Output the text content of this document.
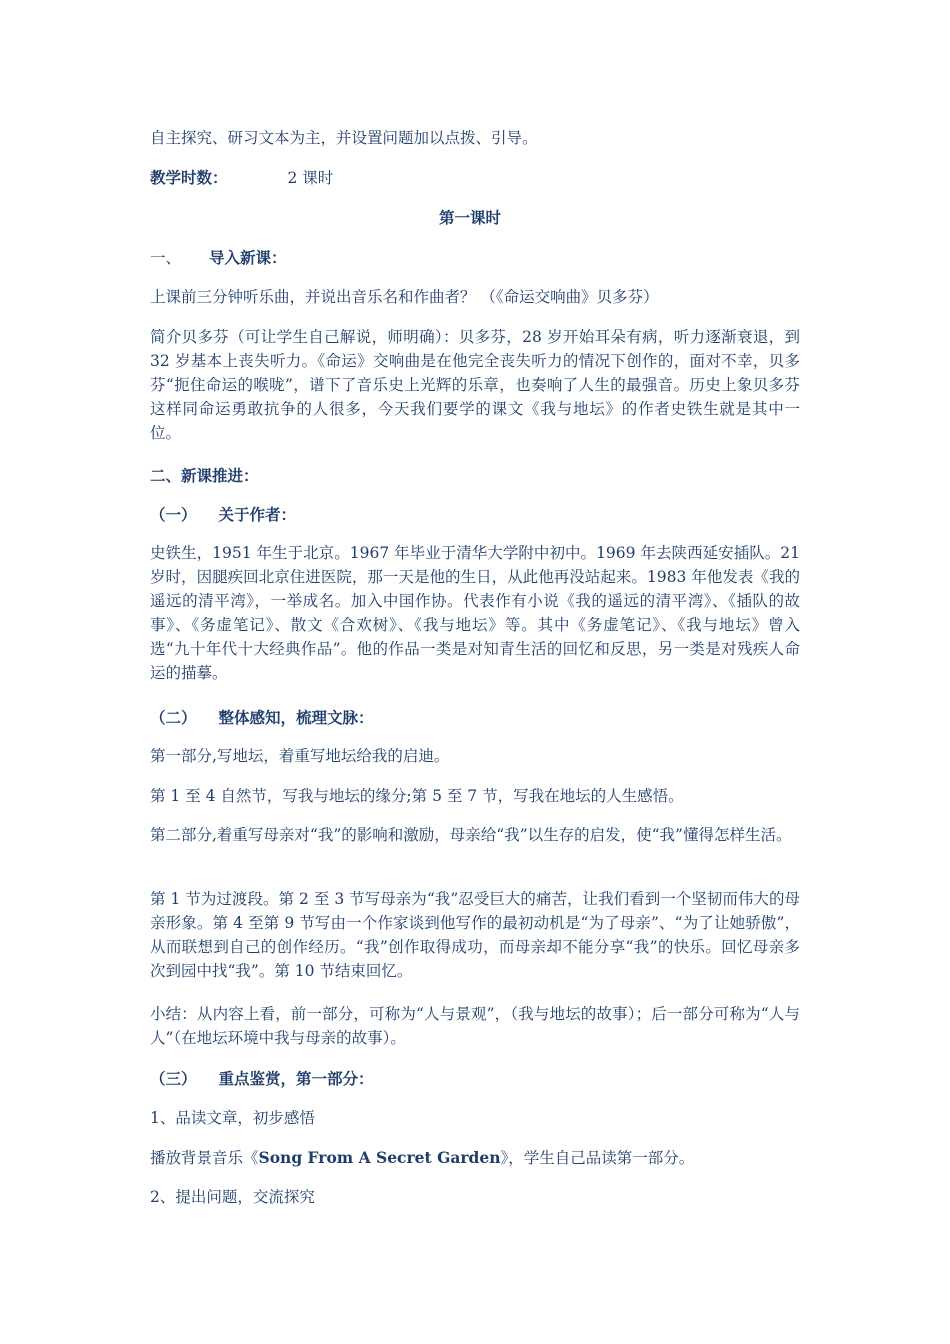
自主探究、研习文本为主，并设置问题加以点拨、引导。

教学时数：	2 课时

第一课时

一、 导入新课：

上课前三分钟听乐曲，并说出音乐名和作曲者？ （《命运交响曲》贝多芬）

简介贝多芬（可让学生自己解说，师明确）：贝多芬，28 岁开始耳朵有病，听力逐渐衰退，到 32 岁基本上丧失听力。《命运》交响曲是在他完全丧失听力的情况下创作的，面对不幸，贝多芬“扼住命运的喉咙”，谱下了音乐史上光辉的乐章，也奏响了人生的最强音。历史上象贝多芬这样同命运勇敢抗争的人很多，今天我们要学的课文《我与地坛》的作者史铁生就是其中一位。

二、新课推进：

（一） 关于作者：

史铁生，1951 年生于北京。1967 年毕业于清华大学附中初中。1969 年去陕西延安插队。21 岁时，因腿疾回北京住进医院，那一天是他的生日，从此他再没站起来。1983 年他发表《我的遥远的清平湾》，一举成名。加入中国作协。代表作有小说《我的遥远的清平湾》、《插队的故事》、《务虚笔记》、散文《合欢树》、《我与地坛》等。其中《务虚笔记》、《我与地坛》曾入选“九十年代十大经典作品”。他的作品一类是对知青生活的回忆和反思，另一类是对残疾人命运的描摹。

（二） 整体感知，梳理文脉：

第一部分,写地坛，着重写地坛给我的启迪。

第 1 至 4 自然节，写我与地坛的缘分;第 5 至 7 节，写我在地坛的人生感悟。

第二部分,着重写母亲对“我”的影响和激励，母亲给“我”以生存的启发，使“我”懂得怎样生活。

第 1 节为过渡段。第 2 至 3 节写母亲为“我”忍受巨大的痛苦，让我们看到一个坚韧而伟大的母亲形象。第 4 至第 9 节写由一个作家谈到他写作的最初动机是“为了母亲”、“为了让她骄傲”，从而联想到自己的创作经历。“我”创作取得成功，而母亲却不能分享“我”的快乐。回忆母亲多次到园中找“我”。第 10 节结束回忆。

小结：从内容上看，前一部分，可称为“人与景观”，（我与地坛的故事）；后一部分可称为“人与人”（在地坛环境中我与母亲的故事）。

（三） 重点鉴赏，第一部分：

1、品读文章，初步感悟

播放背景音乐《Song From A Secret Garden》，学生自己品读第一部分。

2、提出问题，交流探究
